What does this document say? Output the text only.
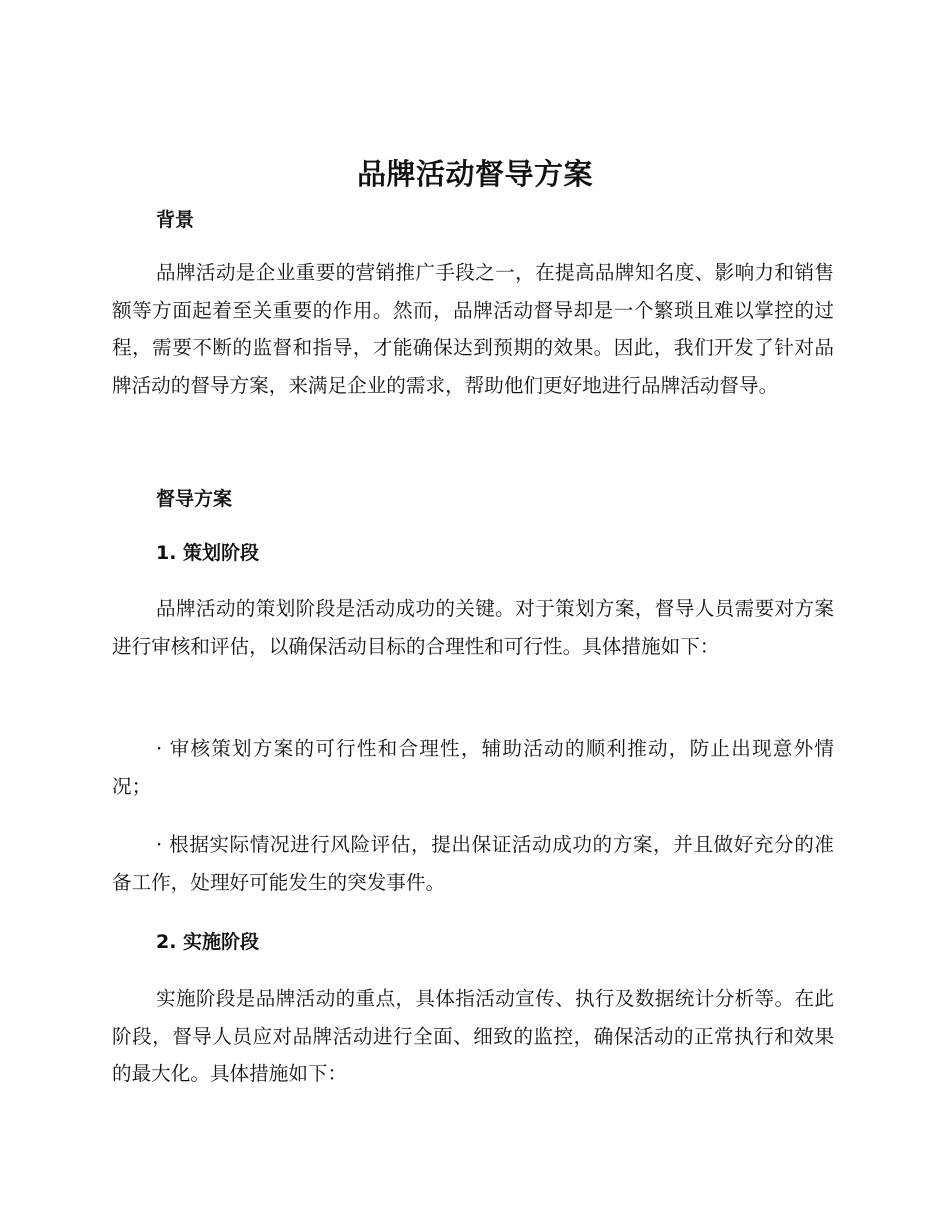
品牌活动督导方案
背景

品牌活动是企业重要的营销推广手段之一，在提高品牌知名度、影响力和销售额等方面起着至关重要的作用。然而，品牌活动督导却是一个繁琐且难以掌控的过程，需要不断的监督和指导，才能确保达到预期的效果。因此，我们开发了针对品牌活动的督导方案，来满足企业的需求，帮助他们更好地进行品牌活动督导。

督导方案
1. 策划阶段

品牌活动的策划阶段是活动成功的关键。对于策划方案，督导人员需要对方案进行审核和评估，以确保活动目标的合理性和可行性。具体措施如下：

· 审核策划方案的可行性和合理性，辅助活动的顺利推动，防止出现意外情况；

· 根据实际情况进行风险评估，提出保证活动成功的方案，并且做好充分的准备工作，处理好可能发生的突发事件。

2. 实施阶段

实施阶段是品牌活动的重点，具体指活动宣传、执行及数据统计分析等。在此阶段，督导人员应对品牌活动进行全面、细致的监控，确保活动的正常执行和效果的最大化。具体措施如下：
